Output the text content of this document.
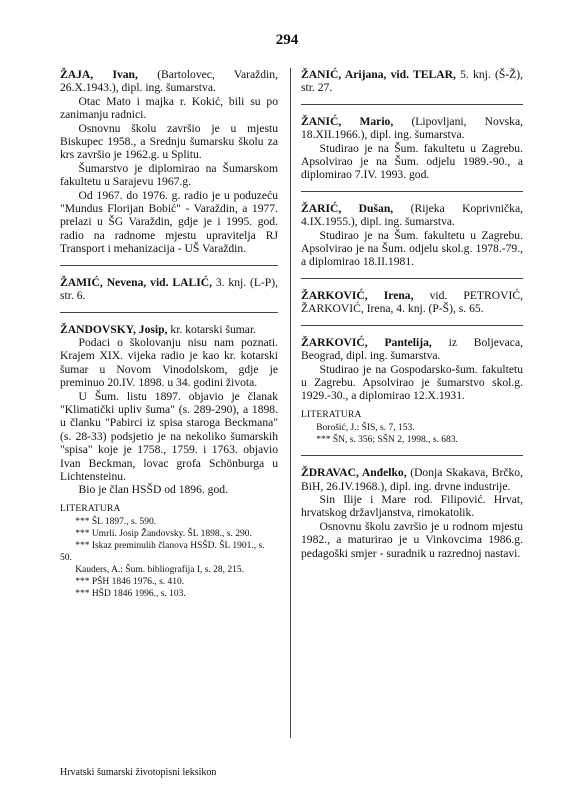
294
ŽAJA, Ivan, (Bartolovec, Varaždin, 26.X.1943.), dipl. ing. šumarstva.
Otac Mato i majka r. Kokić, bili su po zanimanju radnici.
Osnovnu školu završio je u mjestu Biskupec 1958., a Srednju šumarsku školu za krs završio je 1962.g. u Splitu.
Šumarstvo je diplomirao na Šumarskom fakultetu u Sarajevu 1967.g.
Od 1967. do 1976. g. radio je u poduzeću "Mundus Florijan Bobić" - Varaždin, a 1977. prelazi u ŠG Varaždin, gdje je i 1995. god. radio na radnome mjestu upravitelja RJ Transport i mehanizacija - UŠ Varaždin.
ŽAMIĆ, Nevena, vid. LALIĆ, 3. knj. (L-P), str. 6.
ŽANDOVSKY, Josip, kr. kotarski šumar.
Podaci o školovanju nisu nam poznati. Krajem XIX. vijeka radio je kao kr. kotarski šumar u Novom Vinodolskom, gdje je preminuo 20.IV. 1898. u 34. godini života.
U Šum. listu 1897. objavio je članak "Klimatički upliv šuma" (s. 289-290), a 1898. u članku "Pabirci iz spisa staroga Beckmana" (s. 28-33) podsjetio je na nekoliko šumarskih "spisa" koje je 1758., 1759. i 1763. objavio Ivan Beckman, lovac grofa Schönburga u Lichtensteinu.
Bio je član HSŠD od 1896. god.
LITERATURA
*** ŠL 1897., s. 590.
*** Umrli. Josip Žandovsky. ŠL 1898., s. 290.
*** Iskaz preminulih članova HSŠD. ŠL 1901., s. 50.
Kauders, A.: Šum. bibliografija I, s. 28, 215.
*** PŠH 1846 1976., s. 410.
*** HŠD 1846 1996., s. 103.
ŽANIĆ, Arijana, vid. TELAR, 5. knj. (Š-Ž), str. 27.
ŽANIĆ, Mario, (Lipovljani, Novska, 18.XII.1966.), dipl. ing. šumarstva.
Studirao je na Šum. fakultetu u Zagrebu. Apsolvirao je na Šum. odjelu 1989.-90., a diplomirao 7.IV. 1993. god.
ŽARIĆ, Dušan, (Rijeka Koprivnička, 4.IX.1955.), dipl. ing. šumarstva.
Studirao je na Šum. fakultetu u Zagrebu. Apsolvirao je na Šum. odjelu skol.g. 1978.-79., a diplomirao 18.II.1981.
ŽARKOVIĆ, Irena, vid. PETROVIĆ, ŽARKOVIĆ, Irena, 4. knj. (P-Š), s. 65.
ŽARKOVIĆ, Pantelija, iz Boljevaca, Beograd, dipl. ing. šumarstva.
Studirao je na Gospodarsko-šum. fakultetu u Zagrebu. Apsolvirao je šumarstvo skol.g. 1929.-30., a diplomirao 12.X.1931.
LITERATURA
Borošić, J.: ŠIS, s. 7, 153.
*** ŠN, s. 356; SŠN 2, 1998., s. 683.
ŽDRAVAC, Anđelko, (Donja Skakava, Brčko, BiH, 26.IV.1968.), dipl. ing. drvne industrije.
Sin Ilije i Mare rod. Filipović. Hrvat, hrvatskog državljanstva, rimokatolik.
Osnovnu školu završio je u rodnom mjestu 1982., a maturirao je u Vinkovcima 1986.g. pedagoški smjer - suradnik u razrednoj nastavi.
Hrvatski šumarski životopisni leksikon
